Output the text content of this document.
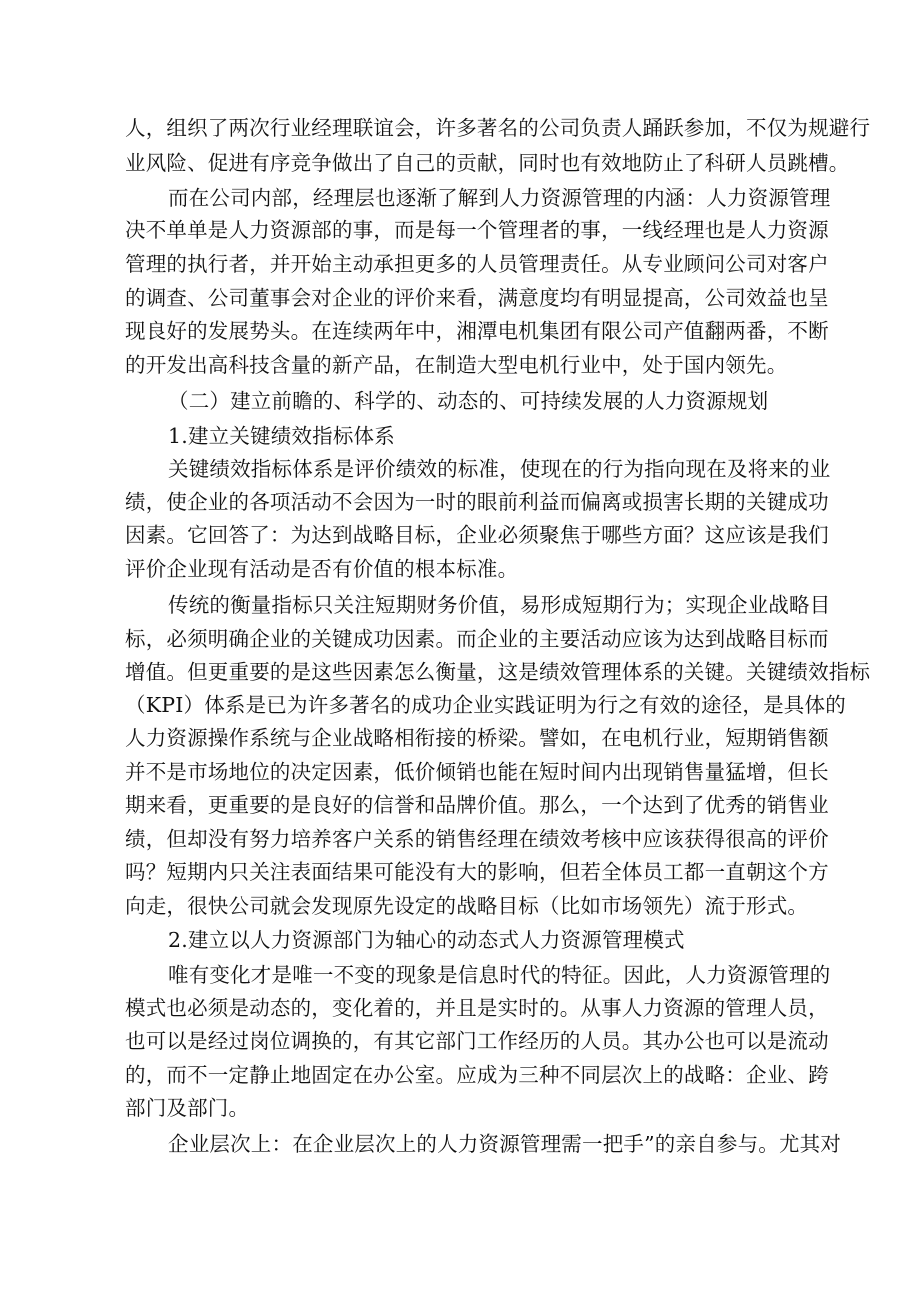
人，组织了两次行业经理联谊会，许多著名的公司负责人踊跃参加，不仅为规避行
业风险、促进有序竞争做出了自己的贡献，同时也有效地防止了科研人员跳槽。
而在公司内部，经理层也逐渐了解到人力资源管理的内涵：人力资源管理
决不单单是人力资源部的事，而是每一个管理者的事，一线经理也是人力资源
管理的执行者，并开始主动承担更多的人员管理责任。从专业顾问公司对客户
的调查、公司董事会对企业的评价来看，满意度均有明显提高，公司效益也呈
现良好的发展势头。在连续两年中，湘潭电机集团有限公司产值翻两番，不断
的开发出高科技含量的新产品，在制造大型电机行业中，处于国内领先。
（二）建立前瞻的、科学的、动态的、可持续发展的人力资源规划
1.建立关键绩效指标体系
关键绩效指标体系是评价绩效的标准，使现在的行为指向现在及将来的业
绩，使企业的各项活动不会因为一时的眼前利益而偏离或损害长期的关键成功
因素。它回答了：为达到战略目标，企业必须聚焦于哪些方面？这应该是我们
评价企业现有活动是否有价值的根本标准。
传统的衡量指标只关注短期财务价值，易形成短期行为；实现企业战略目
标，必须明确企业的关键成功因素。而企业的主要活动应该为达到战略目标而
增值。但更重要的是这些因素怎么衡量，这是绩效管理体系的关键。关键绩效指标
（KPI）体系是已为许多著名的成功企业实践证明为行之有效的途径，是具体的
人力资源操作系统与企业战略相衔接的桥梁。譬如，在电机行业，短期销售额
并不是市场地位的决定因素，低价倾销也能在短时间内出现销售量猛增，但长
期来看，更重要的是良好的信誉和品牌价值。那么，一个达到了优秀的销售业
绩，但却没有努力培养客户关系的销售经理在绩效考核中应该获得很高的评价
吗？短期内只关注表面结果可能没有大的影响，但若全体员工都一直朝这个方
向走，很快公司就会发现原先设定的战略目标（比如市场领先）流于形式。
2.建立以人力资源部门为轴心的动态式人力资源管理模式
唯有变化才是唯一不变的现象是信息时代的特征。因此，人力资源管理的
模式也必须是动态的，变化着的，并且是实时的。从事人力资源的管理人员，
也可以是经过岗位调换的，有其它部门工作经历的人员。其办公也可以是流动
的，而不一定静止地固定在办公室。应成为三种不同层次上的战略：企业、跨
部门及部门。
企业层次上：在企业层次上的人力资源管理需一把手”的亲自参与。尤其对
